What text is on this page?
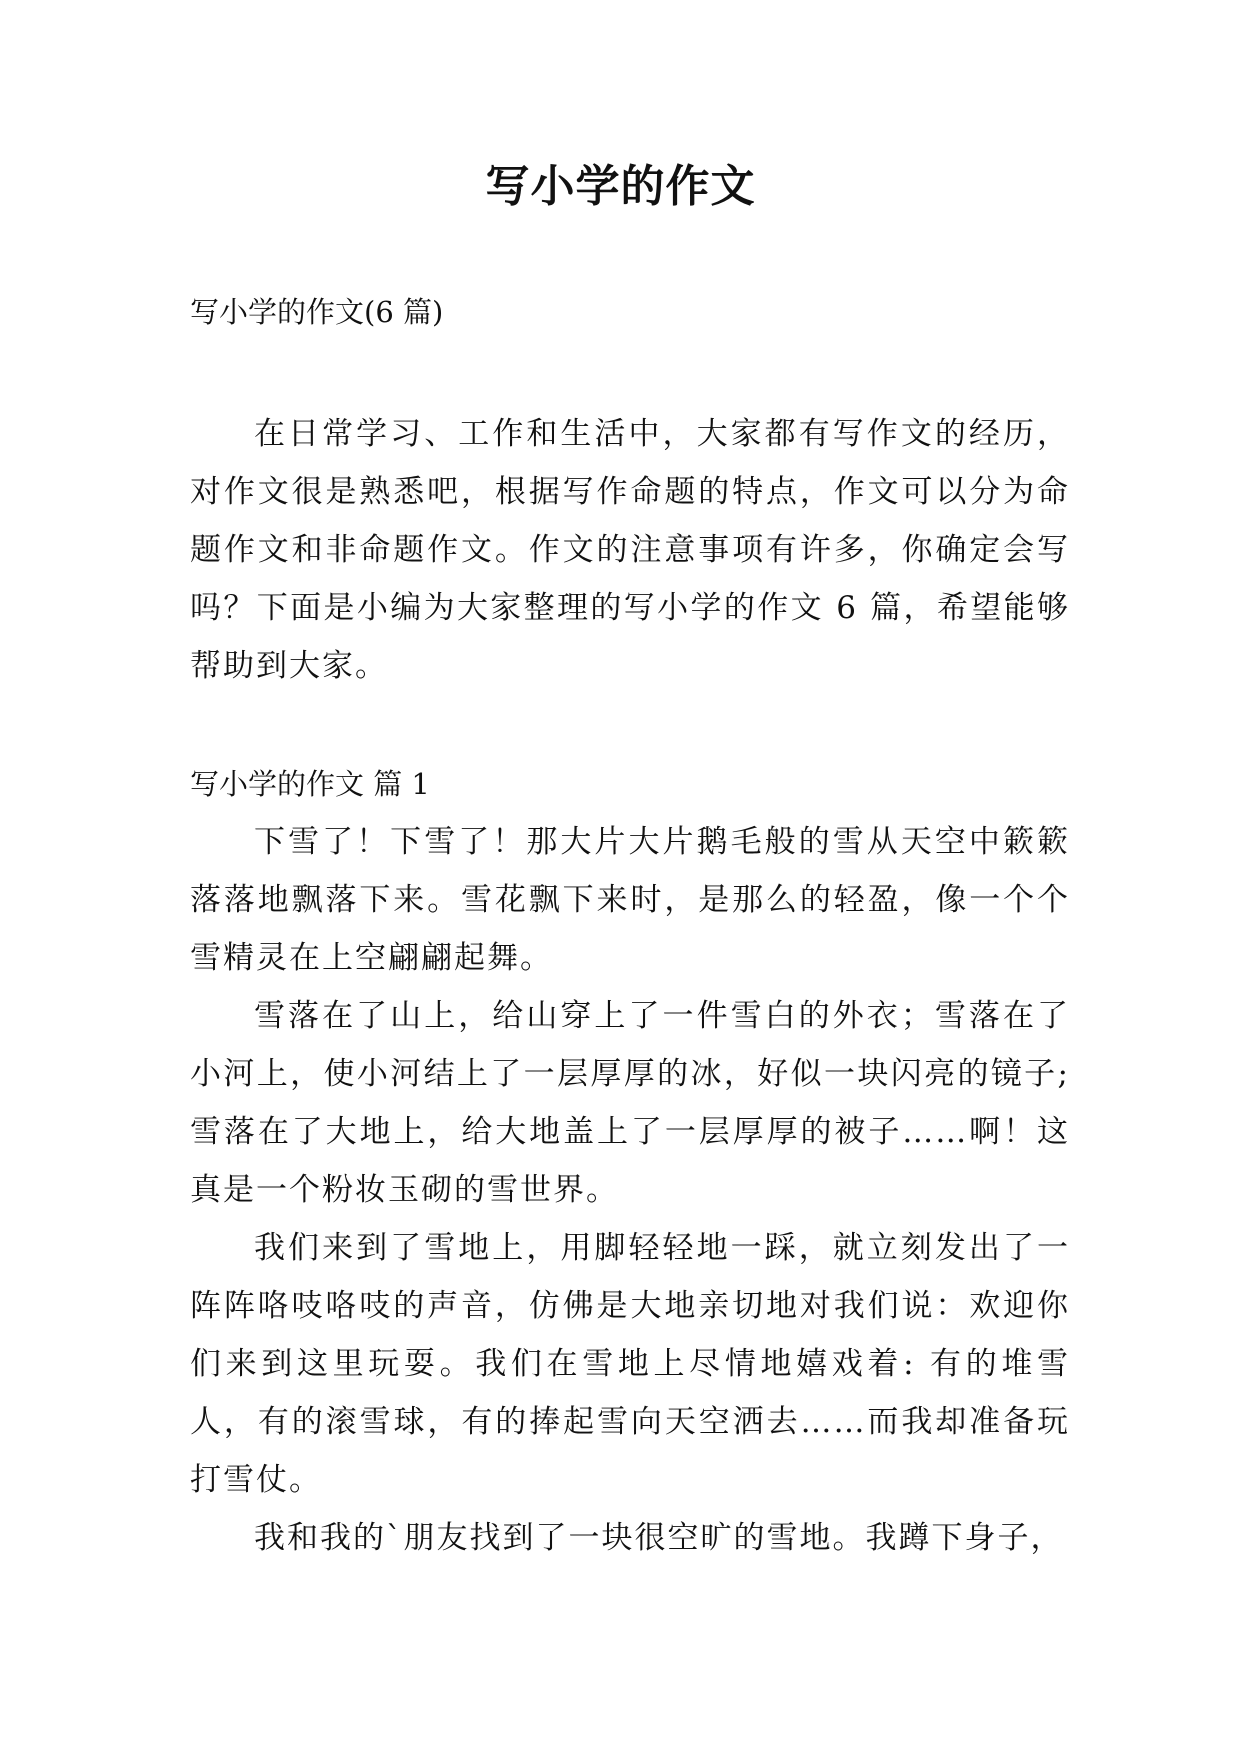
写小学的作文

写小学的作文(6 篇)

在日常学习、工作和生活中，大家都有写作文的经历，对作文很是熟悉吧，根据写作命题的特点，作文可以分为命题作文和非命题作文。作文的注意事项有许多，你确定会写吗？下面是小编为大家整理的写小学的作文 6 篇，希望能够帮助到大家。

写小学的作文 篇 1

下雪了！下雪了！那大片大片鹅毛般的雪从天空中簌簌落落地飘落下来。雪花飘下来时，是那么的轻盈，像一个个雪精灵在上空翩翩起舞。

雪落在了山上，给山穿上了一件雪白的外衣；雪落在了小河上，使小河结上了一层厚厚的冰，好似一块闪亮的镜子;雪落在了大地上，给大地盖上了一层厚厚的被子……啊！这真是一个粉妆玉砌的雪世界。

我们来到了雪地上，用脚轻轻地一踩，就立刻发出了一阵阵咯吱咯吱的声音，仿佛是大地亲切地对我们说：欢迎你们来到这里玩耍。我们在雪地上尽情地嬉戏着: 有的堆雪人，有的滚雪球，有的捧起雪向天空洒去……而我却准备玩打雪仗。

我和我的`朋友找到了一块很空旷的雪地。我蹲下身子，
